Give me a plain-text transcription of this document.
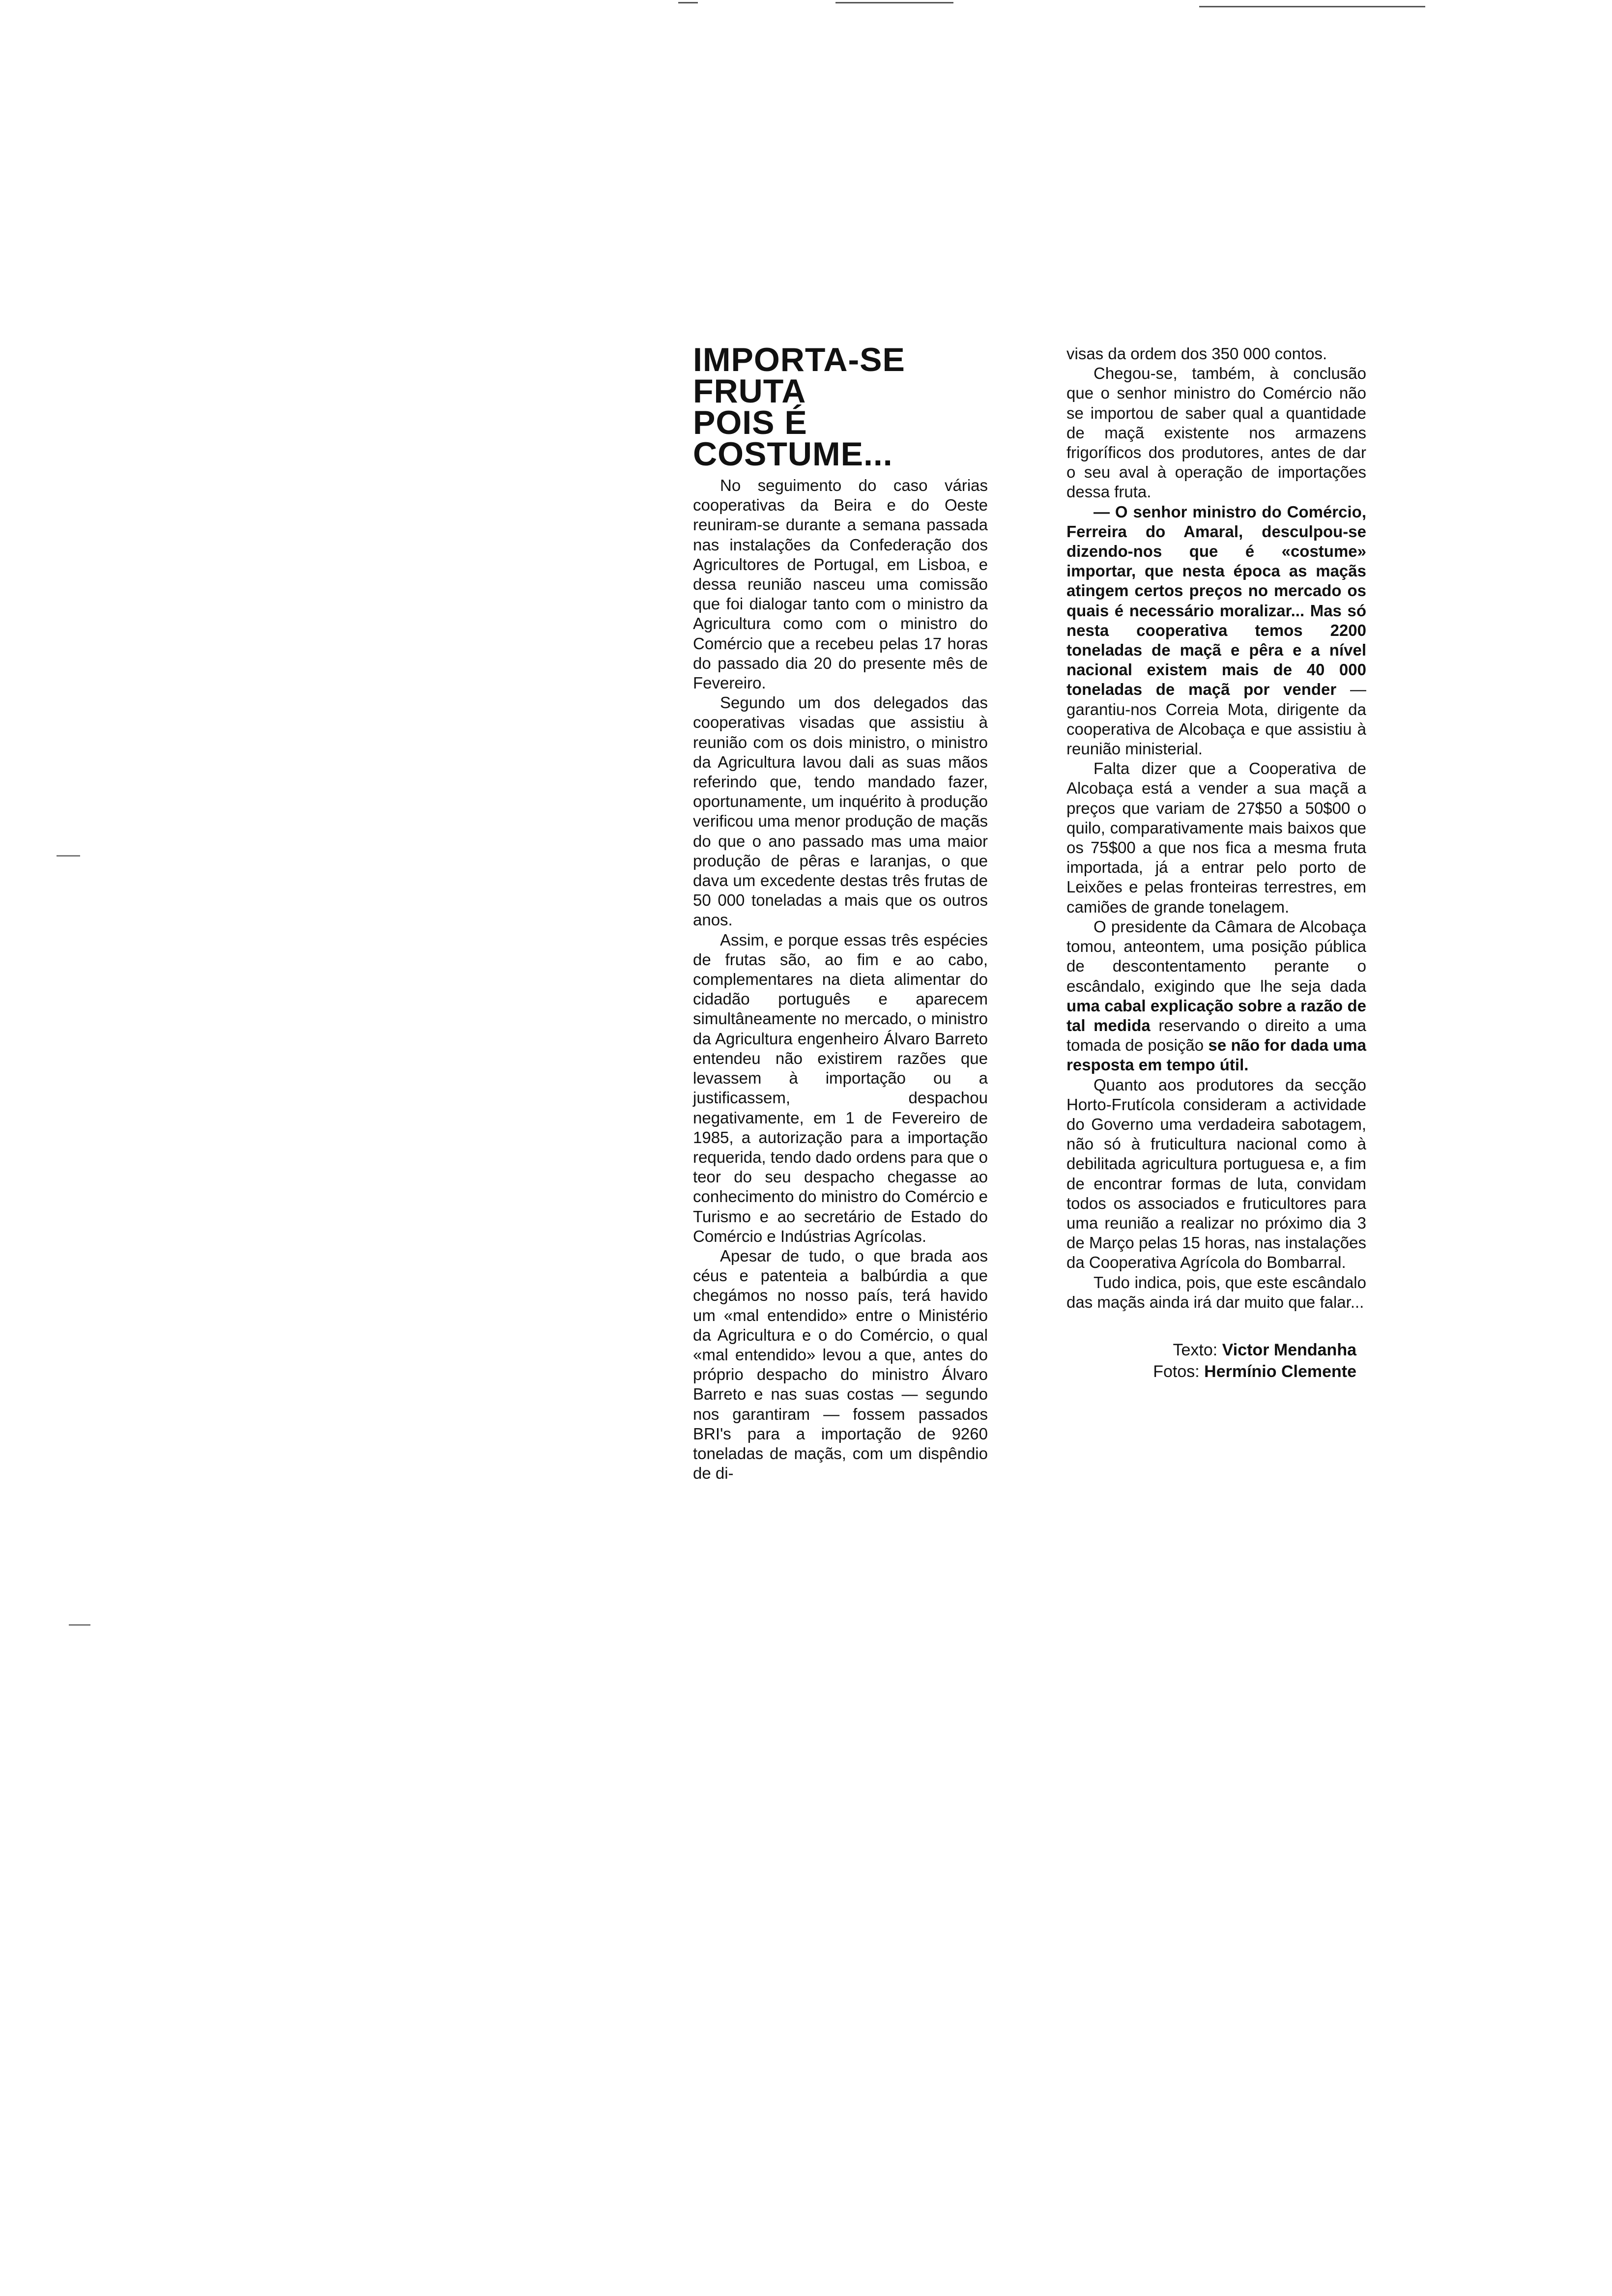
IMPORTA-SE
FRUTA
POIS É
COSTUME...

No seguimento do caso várias cooperativas da Beira e do Oeste reuniram-se durante a semana passada nas instalações da Confederação dos Agricultores de Portugal, em Lisboa, e dessa reunião nasceu uma comissão que foi dialogar tanto com o ministro da Agricultura como com o ministro do Comércio que a recebeu pelas 17 horas do passado dia 20 do presente mês de Fevereiro.

Segundo um dos delegados das cooperativas visadas que assistiu à reunião com os dois ministro, o ministro da Agricultura lavou dali as suas mãos referindo que, tendo mandado fazer, oportunamente, um inquérito à produção verificou uma menor produção de maçãs do que o ano passado mas uma maior produção de pêras e laranjas, o que dava um excedente destas três frutas de 50 000 toneladas a mais que os outros anos.

Assim, e porque essas três espécies de frutas são, ao fim e ao cabo, complementares na dieta alimentar do cidadão português e aparecem simultâneamente no mercado, o ministro da Agricultura engenheiro Álvaro Barreto entendeu não existirem razões que levassem à importação ou a justificassem, despachou negativamente, em 1 de Fevereiro de 1985, a autorização para a importação requerida, tendo dado ordens para que o teor do seu despacho chegasse ao conhecimento do ministro do Comércio e Turismo e ao secretário de Estado do Comércio e Indústrias Agrícolas.

Apesar de tudo, o que brada aos céus e patenteia a balbúrdia a que chegámos no nosso país, terá havido um «mal entendido» entre o Ministério da Agricultura e o do Comércio, o qual «mal entendido» levou a que, antes do próprio despacho do ministro Álvaro Barreto e nas suas costas — segundo nos garantiram — fossem passados BRI's para a importação de 9260 toneladas de maçãs, com um dispêndio de di-

visas da ordem dos 350 000 contos.

Chegou-se, também, à conclusão que o senhor ministro do Comércio não se importou de saber qual a quantidade de maçã existente nos armazens frigoríficos dos produtores, antes de dar o seu aval à operação de importações dessa fruta.

— O senhor ministro do Comércio, Ferreira do Amaral, desculpou-se dizendo-nos que é «costume» importar, que nesta época as maçãs atingem certos preços no mercado os quais é necessário moralizar... Mas só nesta cooperativa temos 2200 toneladas de maçã e pêra e a nível nacional existem mais de 40 000 toneladas de maçã por vender — garantiu-nos Correia Mota, dirigente da cooperativa de Alcobaça e que assistiu à reunião ministerial.

Falta dizer que a Cooperativa de Alcobaça está a vender a sua maçã a preços que variam de 27$50 a 50$00 o quilo, comparativamente mais baixos que os 75$00 a que nos fica a mesma fruta importada, já a entrar pelo porto de Leixões e pelas fronteiras terrestres, em camiões de grande tonelagem.

O presidente da Câmara de Alcobaça tomou, anteontem, uma posição pública de descontentamento perante o escândalo, exigindo que lhe seja dada uma cabal explicação sobre a razão de tal medida reservando o direito a uma tomada de posição se não for dada uma resposta em tempo útil.

Quanto aos produtores da secção Horto-Frutícola consideram a actividade do Governo uma verdadeira sabotagem, não só à fruticultura nacional como à debilitada agricultura portuguesa e, a fim de encontrar formas de luta, convidam todos os associados e fruticultores para uma reunião a realizar no próximo dia 3 de Março pelas 15 horas, nas instalações da Cooperativa Agrícola do Bombarral.

Tudo indica, pois, que este escândalo das maçãs ainda irá dar muito que falar...

Texto: Victor Mendanha
Fotos: Hermínio Clemente
